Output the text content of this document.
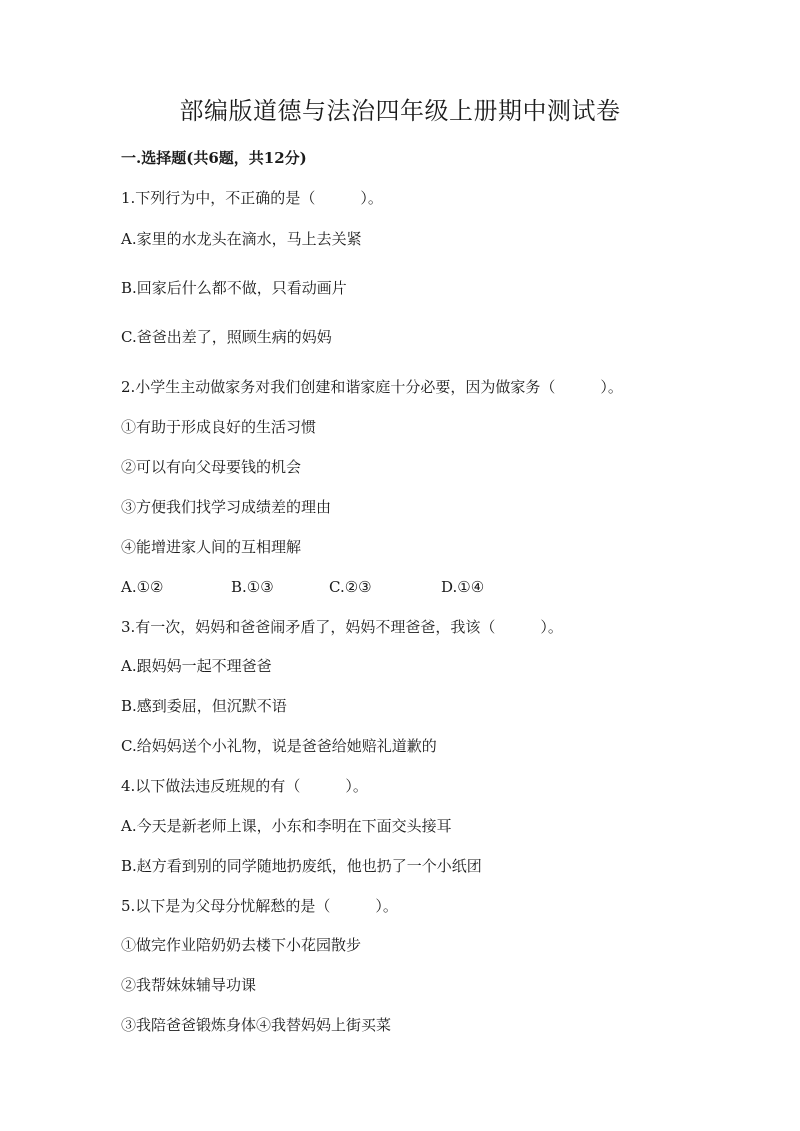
部编版道德与法治四年级上册期中测试卷
一.选择题(共6题，共12分)
1.下列行为中，不正确的是（　　　）。
A.家里的水龙头在滴水，马上去关紧
B.回家后什么都不做，只看动画片
C.爸爸出差了，照顾生病的妈妈
2.小学生主动做家务对我们创建和谐家庭十分必要，因为做家务（　　　）。
①有助于形成良好的生活习惯
②可以有向父母要钱的机会
③方便我们找学习成绩差的理由
④能增进家人间的互相理解
A.①②	B.①③	C.②③	D.①④
3.有一次，妈妈和爸爸闹矛盾了，妈妈不理爸爸，我该（　　　）。
A.跟妈妈一起不理爸爸
B.感到委屈，但沉默不语
C.给妈妈送个小礼物，说是爸爸给她赔礼道歉的
4.以下做法违反班规的有（　　　）。
A.今天是新老师上课，小东和李明在下面交头接耳
B.赵方看到别的同学随地扔废纸，他也扔了一个小纸团
5.以下是为父母分忧解愁的是（　　　）。
①做完作业陪奶奶去楼下小花园散步
②我帮妹妹辅导功课
③我陪爸爸锻炼身体④我替妈妈上街买菜
